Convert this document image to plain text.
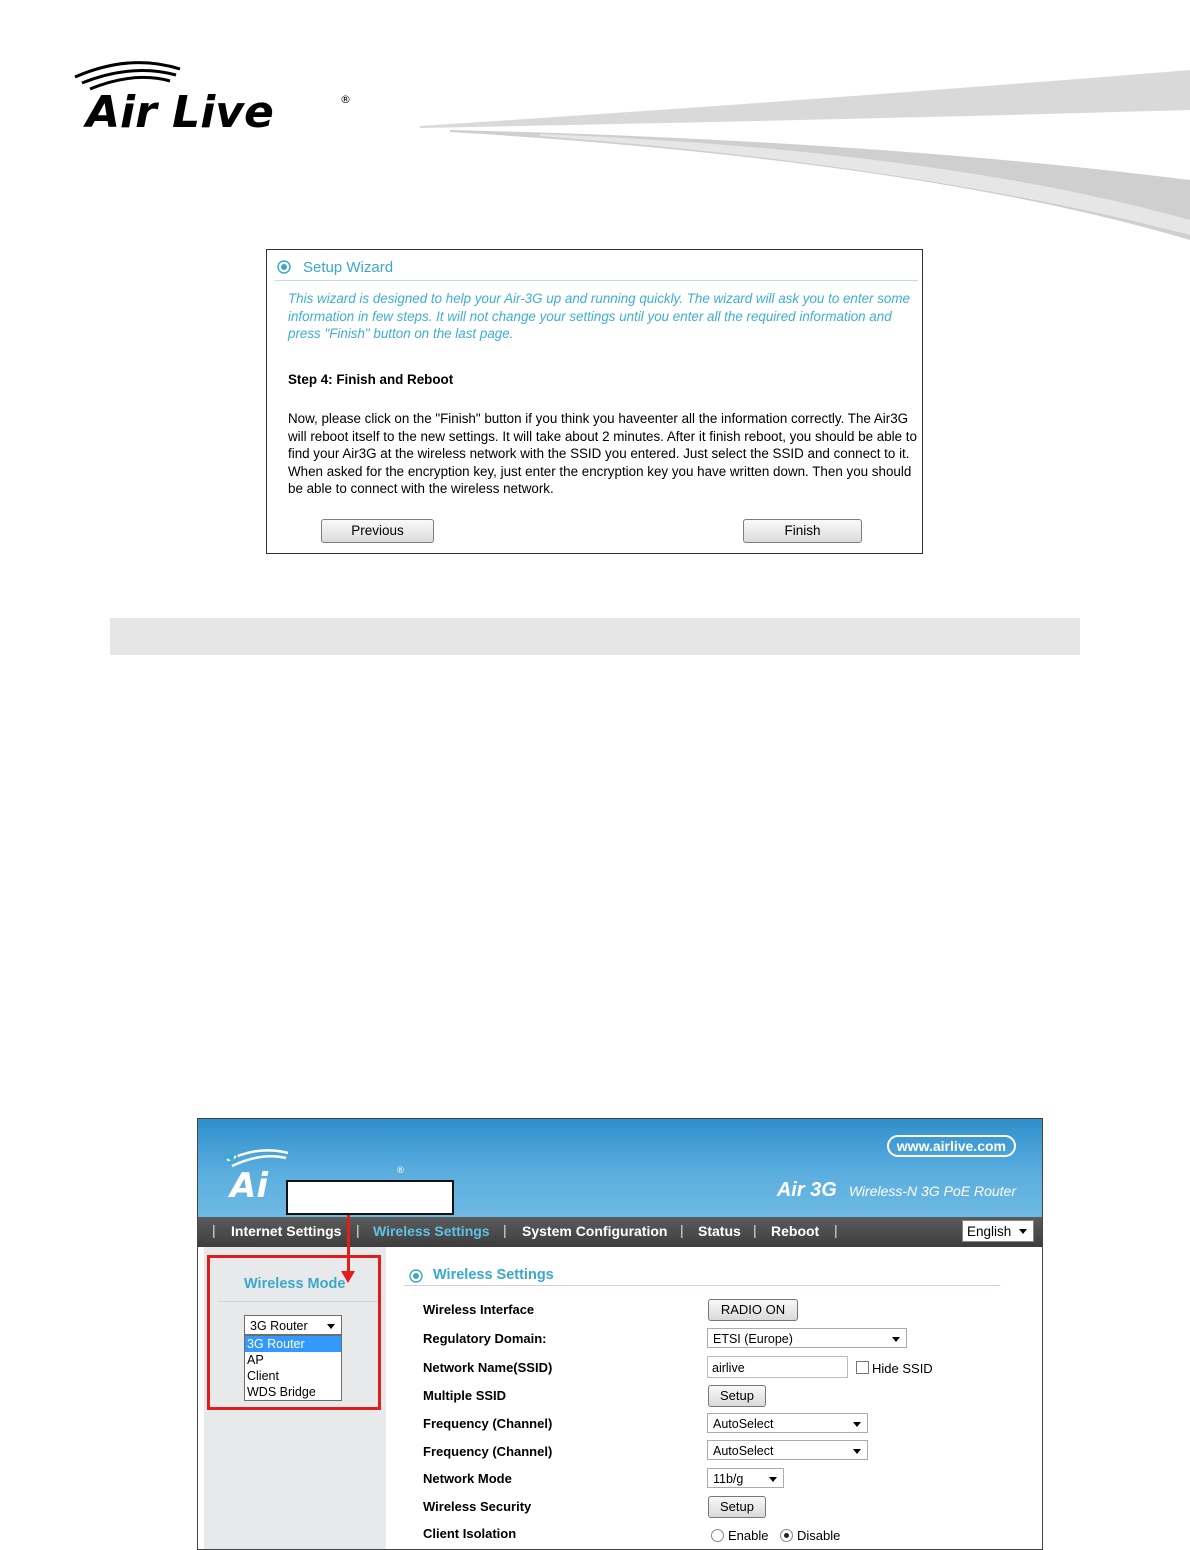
Air Live	®
Setup Wizard
This wizard is designed to help your Air-3G up and running quickly. The wizard will ask you to enter some information in few steps. It will not change your settings until you enter all the required information and press "Finish" button on the last page.
Step 4: Finish and Reboot
Now, please click on the "Finish" button if you think you haveenter all the information correctly. The Air3G will reboot itself to the new settings. It will take about 2 minutes. After it finish reboot, you should be able to find your Air3G at the wireless network with the SSID you entered. Just select the SSID and connect to it. When asked for the encryption key, just enter the encryption key you have written down. Then you should be able to connect with the wireless network.
Previous	Finish
Ai	®
www.airlive.com
Air 3G Wireless-N 3G PoE Router
| Internet Settings | Wireless Settings | System Configuration | Status | Reboot |	English
Wireless Mode
3G Router
3G Router
AP
Client
WDS Bridge
Wireless Settings
Wireless Interface	RADIO ON
Regulatory Domain:	ETSI (Europe)
Network Name(SSID)	airlive	Hide SSID
Multiple SSID	Setup
Frequency (Channel)	AutoSelect
Frequency (Channel)	AutoSelect
Network Mode	11b/g
Wireless Security	Setup
Client Isolation	Enable Disable
